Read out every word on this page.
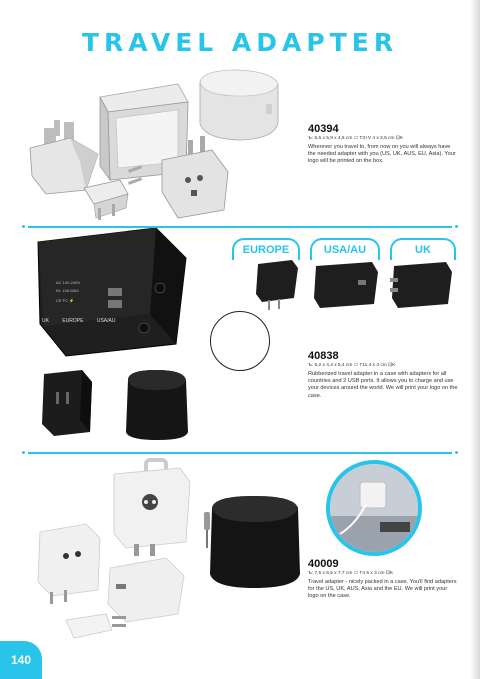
TRAVEL ADAPTER

40394

Ъ: 6,5 x 5,9 x 4,6 cm ▭ T3+V 4 x 2,5 cm ⊡K

Wherever you travel to, from now on you will always have the needed adapter with you (US, UK, AUS, EU, Asia). Your logo will be printed on the box.

AC 100-240V
IN: 10A MAX
CE FC ⚡
UK	EUROPE	USA/AU
EUROPE	USA/AU	UK

40838

Ъ: 6,2 x 4,4 x 5,4 cm ▭ T11 4 x 3 cm ⊡K

Rubberized travel adapter in a case with adapters for all countries and 2 USB ports. It allows you to charge and use your devices around the world. We will print your logo on the case.

40009

Ъ: 7,5 x 6,5 x 7,7 cm ▭ T4 5 x 3 cm ⊡K

Travel adapter - nicely packed in a case. You'll find adapters for the US, UK, AUS, Asia and the EU. We will print your logo on the case.

140
